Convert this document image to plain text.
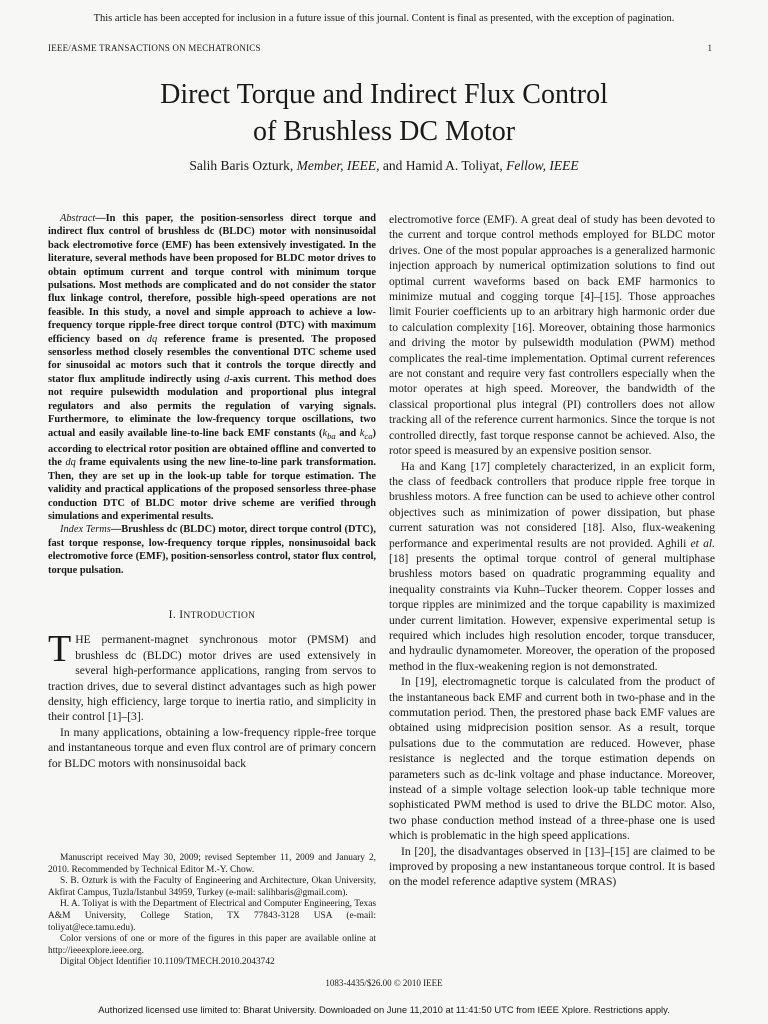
This article has been accepted for inclusion in a future issue of this journal. Content is final as presented, with the exception of pagination.
IEEE/ASME TRANSACTIONS ON MECHATRONICS	1
Direct Torque and Indirect Flux Control
of Brushless DC Motor
Salih Baris Ozturk, Member, IEEE, and Hamid A. Toliyat, Fellow, IEEE

Abstract—In this paper, the position-sensorless direct torque and indirect flux control of brushless dc (BLDC) motor with nonsinusoidal back electromotive force (EMF) has been extensively investigated. In the literature, several methods have been proposed for BLDC motor drives to obtain optimum current and torque control with minimum torque pulsations. Most methods are complicated and do not consider the stator flux linkage control, therefore, possible high-speed operations are not feasible. In this study, a novel and simple approach to achieve a low-frequency torque ripple-free direct torque control (DTC) with maximum efficiency based on dq reference frame is presented. The proposed sensorless method closely resembles the conventional DTC scheme used for sinusoidal ac motors such that it controls the torque directly and stator flux amplitude indirectly using d-axis current. This method does not require pulsewidth modulation and proportional plus integral regulators and also permits the regulation of varying signals. Furthermore, to eliminate the low-frequency torque oscillations, two actual and easily available line-to-line back EMF constants ($k_{ba}$ and $k_{ca}$) according to electrical rotor position are obtained offline and converted to the dq frame equivalents using the new line-to-line park transformation. Then, they are set up in the look-up table for torque estimation. The validity and practical applications of the proposed sensorless three-phase conduction DTC of BLDC motor drive scheme are verified through simulations and experimental results.

Index Terms—Brushless dc (BLDC) motor, direct torque control (DTC), fast torque response, low-frequency torque ripples, nonsinusoidal back electromotive force (EMF), position-sensorless control, stator flux control, torque pulsation.

I. INTRODUCTION

THE permanent-magnet synchronous motor (PMSM) and brushless dc (BLDC) motor drives are used extensively in several high-performance applications, ranging from servos to traction drives, due to several distinct advantages such as high power density, high efficiency, large torque to inertia ratio, and simplicity in their control [1]–[3].

In many applications, obtaining a low-frequency ripple-free torque and instantaneous torque and even flux control are of primary concern for BLDC motors with nonsinusoidal back

Manuscript received May 30, 2009; revised September 11, 2009 and January 2, 2010. Recommended by Technical Editor M.-Y. Chow.

S. B. Ozturk is with the Faculty of Engineering and Architecture, Okan University, Akfirat Campus, Tuzla/Istanbul 34959, Turkey (e-mail: salihbaris@gmail.com).

H. A. Toliyat is with the Department of Electrical and Computer Engineering, Texas A&M University, College Station, TX 77843-3128 USA (e-mail: toliyat@ece.tamu.edu).

Color versions of one or more of the figures in this paper are available online at http://ieeexplore.ieee.org.

Digital Object Identifier 10.1109/TMECH.2010.2043742

electromotive force (EMF). A great deal of study has been devoted to the current and torque control methods employed for BLDC motor drives. One of the most popular approaches is a generalized harmonic injection approach by numerical optimization solutions to find out optimal current waveforms based on back EMF harmonics to minimize mutual and cogging torque [4]–[15]. Those approaches limit Fourier coefficients up to an arbitrary high harmonic order due to calculation complexity [16]. Moreover, obtaining those harmonics and driving the motor by pulsewidth modulation (PWM) method complicates the real-time implementation. Optimal current references are not constant and require very fast controllers especially when the motor operates at high speed. Moreover, the bandwidth of the classical proportional plus integral (PI) controllers does not allow tracking all of the reference current harmonics. Since the torque is not controlled directly, fast torque response cannot be achieved. Also, the rotor speed is measured by an expensive position sensor.

Ha and Kang [17] completely characterized, in an explicit form, the class of feedback controllers that produce ripple free torque in brushless motors. A free function can be used to achieve other control objectives such as minimization of power dissipation, but phase current saturation was not considered [18]. Also, flux-weakening performance and experimental results are not provided. Aghili et al. [18] presents the optimal torque control of general multiphase brushless motors based on quadratic programming equality and inequality constraints via Kuhn–Tucker theorem. Copper losses and torque ripples are minimized and the torque capability is maximized under current limitation. However, expensive experimental setup is required which includes high resolution encoder, torque transducer, and hydraulic dynamometer. Moreover, the operation of the proposed method in the flux-weakening region is not demonstrated.

In [19], electromagnetic torque is calculated from the product of the instantaneous back EMF and current both in two-phase and in the commutation period. Then, the prestored phase back EMF values are obtained using midprecision position sensor. As a result, torque pulsations due to the commutation are reduced. However, phase resistance is neglected and the torque estimation depends on parameters such as dc-link voltage and phase inductance. Moreover, instead of a simple voltage selection look-up table technique more sophisticated PWM method is used to drive the BLDC motor. Also, two phase conduction method instead of a three-phase one is used which is problematic in the high speed applications.

In [20], the disadvantages observed in [13]–[15] are claimed to be improved by proposing a new instantaneous torque control. It is based on the model reference adaptive system (MRAS)

1083-4435/$26.00 © 2010 IEEE
Authorized licensed use limited to: Bharat University. Downloaded on June 11,2010 at 11:41:50 UTC from IEEE Xplore. Restrictions apply.
